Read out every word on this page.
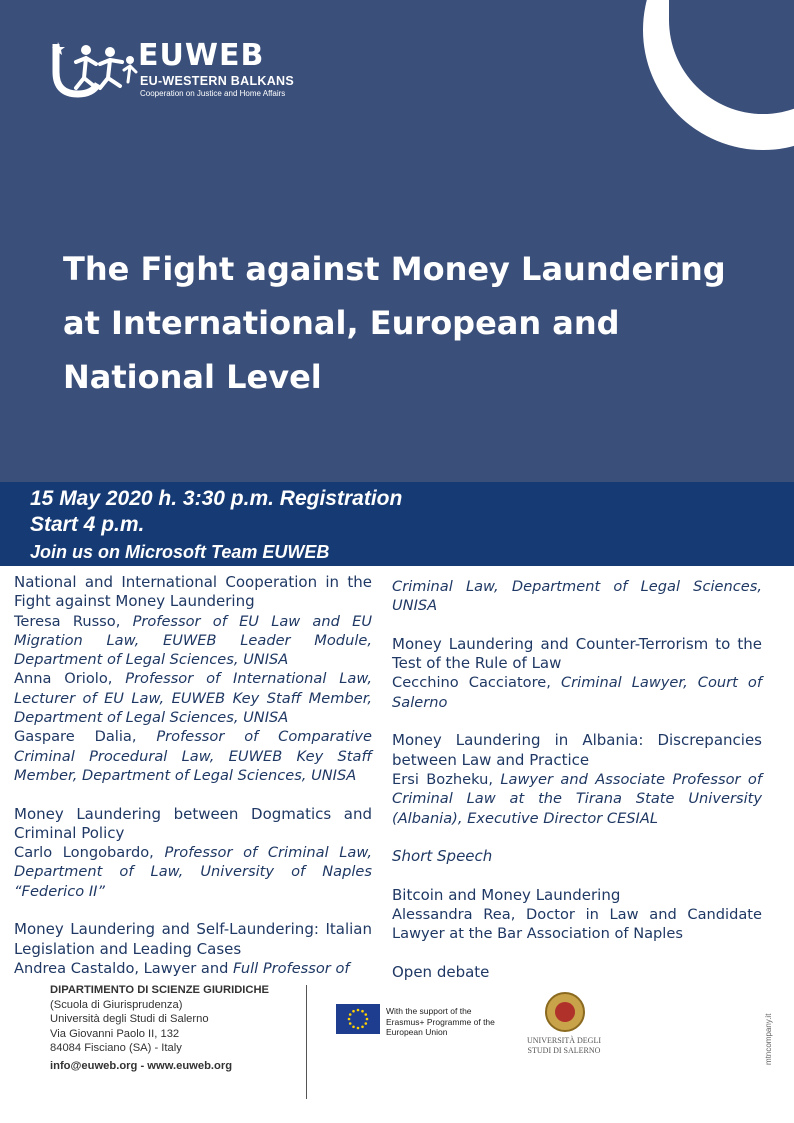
EUWEB
EU-WESTERN BALKANS
Cooperation on Justice and Home Affairs
The Fight against Money Laundering
at International, European and
National Level
15 May 2020 h. 3:30 p.m. Registration
Start 4 p.m.
Join us on Microsoft Team EUWEB

National and International Cooperation in the Fight against Money Laundering

Teresa Russo, Professor of EU Law and EU Migration Law, EUWEB Leader Module, Department of Legal Sciences, UNISA

Anna Oriolo, Professor of International Law, Lecturer of EU Law, EUWEB Key Staff Member, Department of Legal Sciences, UNISA

Gaspare Dalia, Professor of Comparative Criminal Procedural Law, EUWEB Key Staff Member, Department of Legal Sciences, UNISA

Money Laundering between Dogmatics and Criminal Policy

Carlo Longobardo, Professor of Criminal Law, Department of Law, University of Naples “Federico II”

Money Laundering and Self-Laundering: Italian Legislation and Leading Cases

Andrea Castaldo, Lawyer and Full Professor of

Criminal Law, Department of Legal Sciences, UNISA

Money Laundering and Counter-Terrorism to the Test of the Rule of Law

Cecchino Cacciatore, Criminal Lawyer, Court of Salerno

Money Laundering in Albania: Discrepancies between Law and Practice

Ersi Bozheku, Lawyer and Associate Professor of Criminal Law at the Tirana State University (Albania), Executive Director CESIAL

Short Speech

Bitcoin and Money Laundering

Alessandra Rea, Doctor in Law and Candidate Lawyer at the Bar Association of Naples

Open debate

DIPARTIMENTO DI SCIENZE GIURIDICHE
(Scuola di Giurisprudenza)
Università degli Studi di Salerno
Via Giovanni Paolo II, 132
84084 Fisciano (SA) - Italy
info@euweb.org - www.euweb.org
With the support of the Erasmus+ Programme of the European Union
UNIVERSITÀ DEGLI STUDI DI SALERNO	mtncompany.it
